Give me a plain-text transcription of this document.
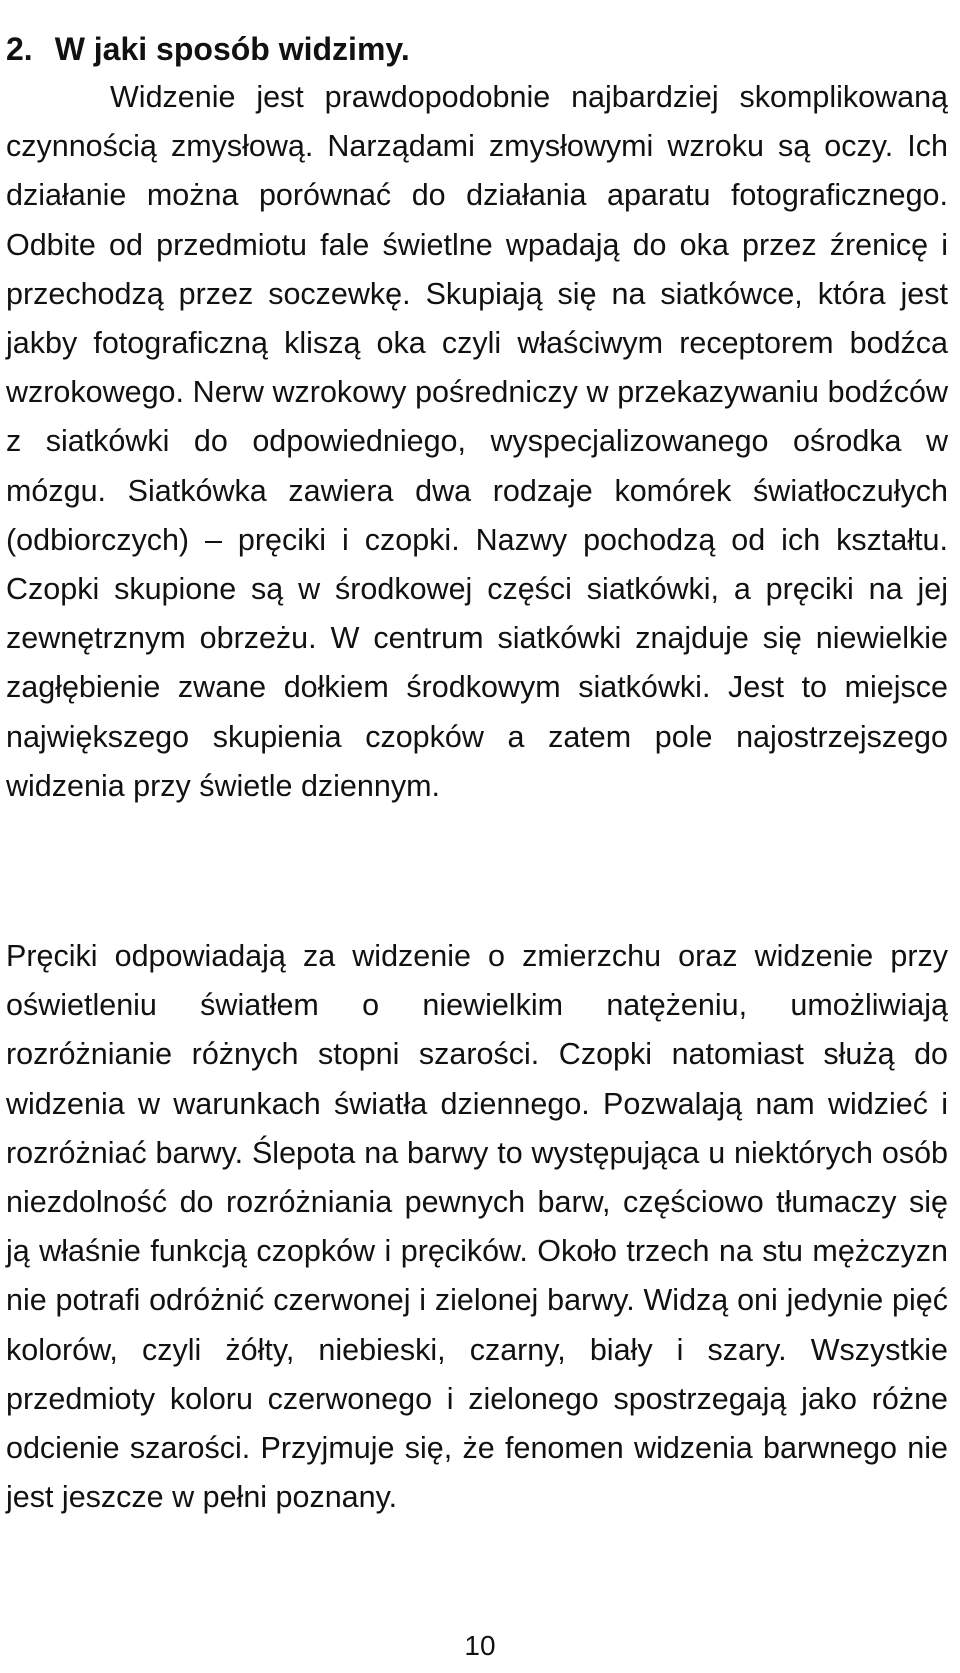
2. W jaki sposób widzimy.

Widzenie jest prawdopodobnie najbardziej skomplikowaną czynnością zmysłową. Narządami zmysłowymi wzroku są oczy. Ich działanie można porównać do działania aparatu fotograficznego. Odbite od przedmiotu fale świetlne wpadają do oka przez źrenicę i przechodzą przez soczewkę. Skupiają się na siatkówce, która jest jakby fotograficzną kliszą oka czyli właściwym receptorem bodźca wzrokowego. Nerw wzrokowy pośredniczy w przekazywaniu bodźców z siatkówki do odpowiedniego, wyspecjalizowanego ośrodka w mózgu. Siatkówka zawiera dwa rodzaje komórek światłoczułych (odbiorczych) – pręciki i czopki. Nazwy pochodzą od ich kształtu. Czopki skupione są w środkowej części siatkówki, a pręciki na jej zewnętrznym obrzeżu. W centrum siatkówki znajduje się niewielkie zagłębienie zwane dołkiem środkowym siatkówki. Jest to miejsce największego skupienia czopków a zatem pole najostrzejszego widzenia przy świetle dziennym.

Pręciki odpowiadają za widzenie o zmierzchu oraz widzenie przy oświetleniu światłem o niewielkim natężeniu, umożliwiają rozróżnianie różnych stopni szarości. Czopki natomiast służą do widzenia w warunkach światła dziennego. Pozwalają nam widzieć i rozróżniać barwy. Ślepota na barwy to występująca u niektórych osób niezdolność do rozróżniania pewnych barw, częściowo tłumaczy się ją właśnie funkcją czopków i pręcików. Około trzech na stu mężczyzn nie potrafi odróżnić czerwonej i zielonej barwy. Widzą oni jedynie pięć kolorów, czyli żółty, niebieski, czarny, biały i szary. Wszystkie przedmioty koloru czerwonego i zielonego spostrzegają jako różne odcienie szarości. Przyjmuje się, że fenomen widzenia barwnego nie jest jeszcze w pełni poznany.

10
